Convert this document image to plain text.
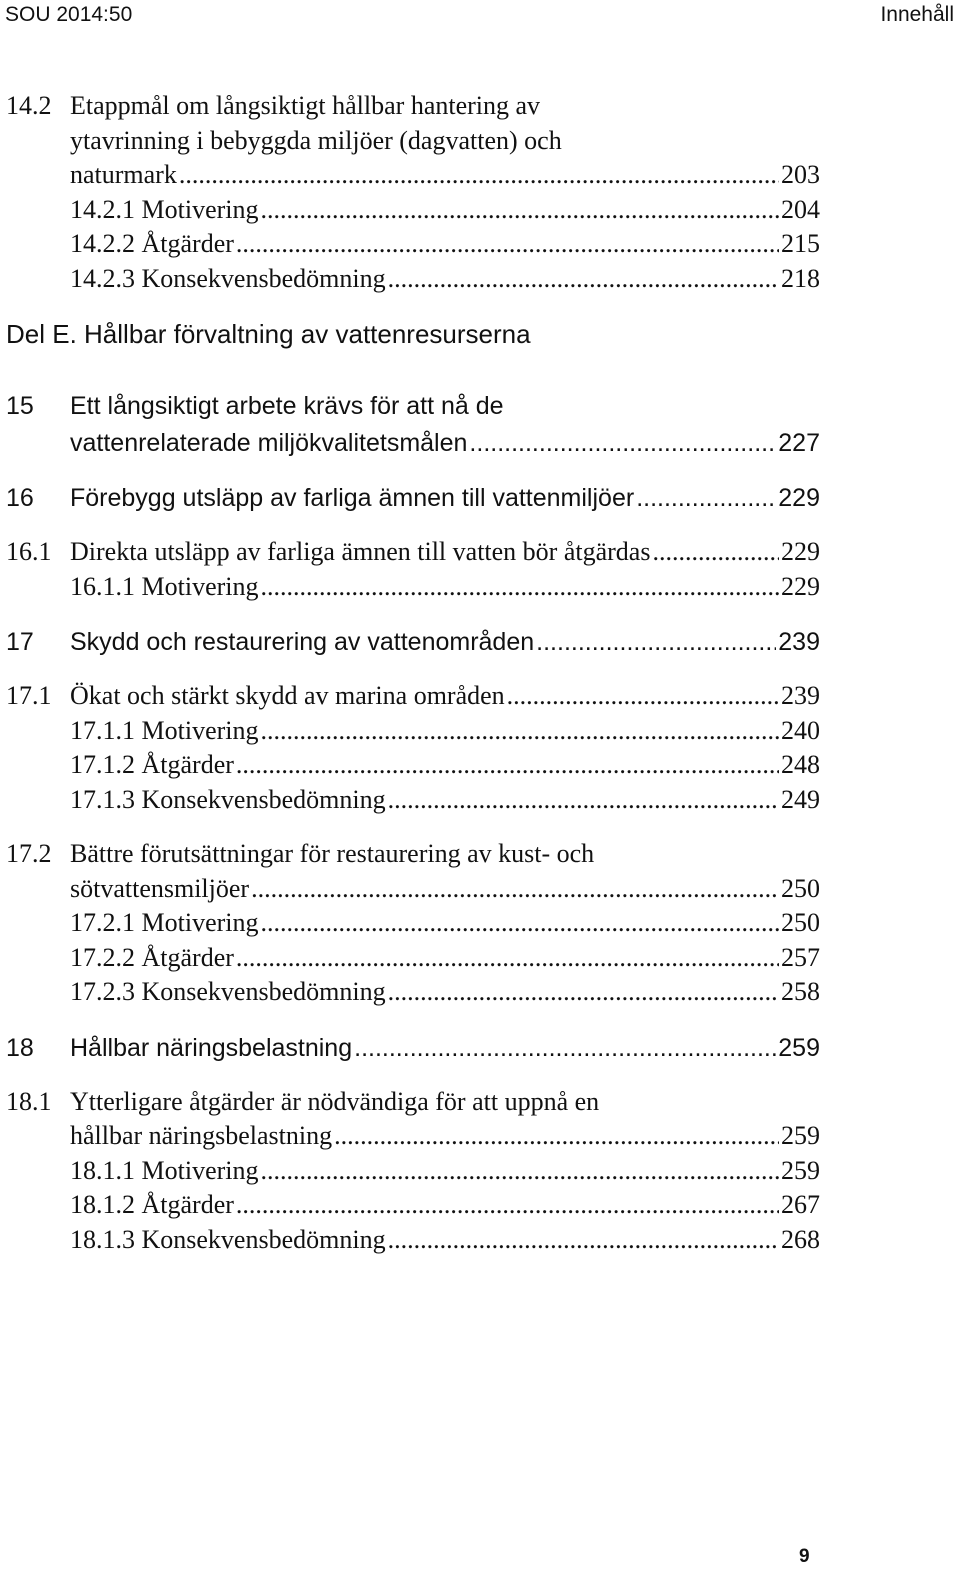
SOU 2014:50	Innehåll
14.2 Etappmål om långsiktigt hållbar hantering av
ytavrinning i bebyggda miljöer (dagvatten) och
naturmark .....	203
14.2.1 Motivering .....	204
14.2.2 Åtgärder .....	215
14.2.3 Konsekvensbedömning .....	218
Del E. Hållbar förvaltning av vattenresurserna
15 Ett långsiktigt arbete krävs för att nå de
vattenrelaterade miljökvalitetsmålen .....	227
16 Förebygg utsläpp av farliga ämnen till vattenmiljöer .....	229
16.1 Direkta utsläpp av farliga ämnen till vatten bör åtgärdas .....	229
16.1.1 Motivering .....	229
17 Skydd och restaurering av vattenområden .....	239
17.1 Ökat och stärkt skydd av marina områden .....	239
17.1.1 Motivering .....	240
17.1.2 Åtgärder .....	248
17.1.3 Konsekvensbedömning .....	249
17.2 Bättre förutsättningar för restaurering av kust- och
sötvattensmiljöer .....	250
17.2.1 Motivering .....	250
17.2.2 Åtgärder .....	257
17.2.3 Konsekvensbedömning .....	258
18 Hållbar näringsbelastning .....	259
18.1 Ytterligare åtgärder är nödvändiga för att uppnå en
hållbar näringsbelastning .....	259
18.1.1 Motivering .....	259
18.1.2 Åtgärder .....	267
18.1.3 Konsekvensbedömning .....	268
9
